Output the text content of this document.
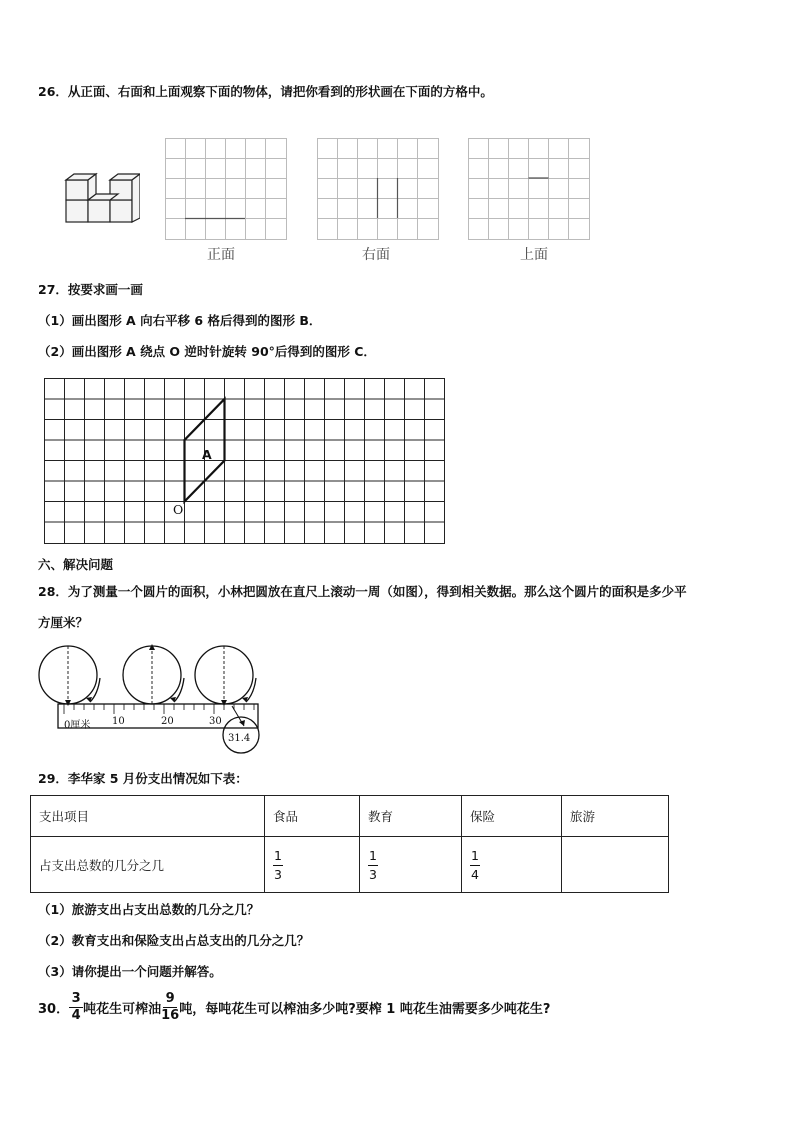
26．从正面、右面和上面观察下面的物体，请把你看到的形状画在下面的方格中。
正面	右面	上面
27．按要求画一画
（1）画出图形 A 向右平移 6 格后得到的图形 B．
（2）画出图形 A 绕点 O 逆时针旋转 90°后得到的图形 C．
A
O
六、解决问题
28．为了测量一个圆片的面积，小林把圆放在直尺上滚动一周（如图），得到相关数据。那么这个圆片的面积是多少平
方厘米？
0厘米 10	20	30
31.4
29．李华家 5 月份支出情况如下表：
支出项目	食品	教育	保险	旅游
占支出总数的几分之几	$\frac{1}{3}$	$\frac{1}{3}$	$\frac{1}{4}$

（1）旅游支出占支出总数的几分之几？
（2）教育支出和保险支出占总支出的几分之几？
（3）请你提出一个问题并解答。
30．
3
4 吨花生可榨油
9
16 吨，每吨花生可以榨油多少吨?要榨 1 吨花生油需要多少吨花生?
